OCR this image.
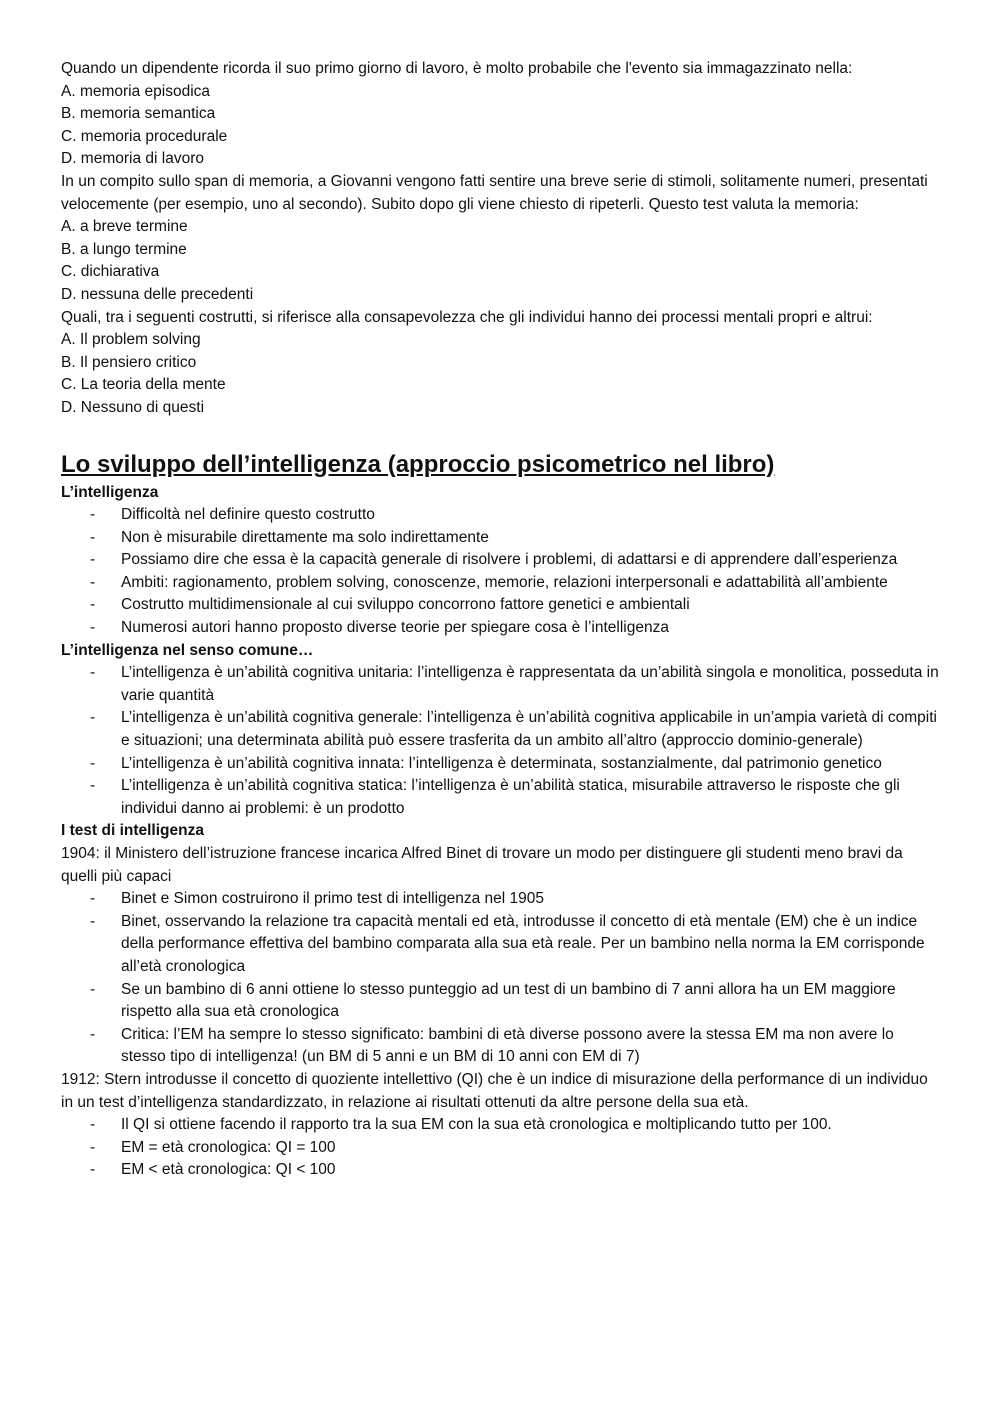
Quando un dipendente ricorda il suo primo giorno di lavoro, è molto probabile che l'evento sia immagazzinato nella:

A. memoria episodica

B. memoria semantica

C. memoria procedurale

D. memoria di lavoro

In un compito sullo span di memoria, a Giovanni vengono fatti sentire una breve serie di stimoli, solitamente numeri, presentati velocemente (per esempio, uno al secondo). Subito dopo gli viene chiesto di ripeterli. Questo test valuta la memoria:

A. a breve termine

B. a lungo termine

C. dichiarativa

D. nessuna delle precedenti

Quali, tra i seguenti costrutti, si riferisce alla consapevolezza che gli individui hanno dei processi mentali propri e altrui:

A. Il problem solving

B. Il pensiero critico

C. La teoria della mente

D. Nessuno di questi

Lo sviluppo dell’intelligenza (approccio psicometrico nel libro)

L’intelligenza

- Difficoltà nel definire questo costrutto
- Non è misurabile direttamente ma solo indirettamente
- Possiamo dire che essa è la capacità generale di risolvere i problemi, di adattarsi e di apprendere dall’esperienza
- Ambiti: ragionamento, problem solving, conoscenze, memorie, relazioni interpersonali e adattabilità all’ambiente
- Costrutto multidimensionale al cui sviluppo concorrono fattore genetici e ambientali
- Numerosi autori hanno proposto diverse teorie per spiegare cosa è l’intelligenza

L’intelligenza nel senso comune…

- L’intelligenza è un’abilità cognitiva unitaria: l’intelligenza è rappresentata da un’abilità singola e monolitica, posseduta in varie quantità
- L’intelligenza è un’abilità cognitiva generale: l’intelligenza è un’abilità cognitiva applicabile in un’ampia varietà di compiti e situazioni; una determinata abilità può essere trasferita da un ambito all’altro (approccio dominio-generale)
- L’intelligenza è un’abilità cognitiva innata: l’intelligenza è determinata, sostanzialmente, dal patrimonio genetico
- L’intelligenza è un’abilità cognitiva statica: l’intelligenza è un’abilità statica, misurabile attraverso le risposte che gli individui danno ai problemi: è un prodotto

I test di intelligenza

1904: il Ministero dell’istruzione francese incarica Alfred Binet di trovare un modo per distinguere gli studenti meno bravi da quelli più capaci

- Binet e Simon costruirono il primo test di intelligenza nel 1905
- Binet, osservando la relazione tra capacità mentali ed età, introdusse il concetto di età mentale (EM) che è un indice della performance effettiva del bambino comparata alla sua età reale. Per un bambino nella norma la EM corrisponde all’età cronologica
- Se un bambino di 6 anni ottiene lo stesso punteggio ad un test di un bambino di 7 anni allora ha un EM maggiore rispetto alla sua età cronologica
- Critica: l’EM ha sempre lo stesso significato: bambini di età diverse possono avere la stessa EM ma non avere lo stesso tipo di intelligenza! (un BM di 5 anni e un BM di 10 anni con EM di 7)

1912: Stern introdusse il concetto di quoziente intellettivo (QI) che è un indice di misurazione della performance di un individuo in un test d’intelligenza standardizzato, in relazione ai risultati ottenuti da altre persone della sua età.

- Il QI si ottiene facendo il rapporto tra la sua EM con la sua età cronologica e moltiplicando tutto per 100.
- EM = età cronologica: QI = 100
- EM < età cronologica: QI < 100
